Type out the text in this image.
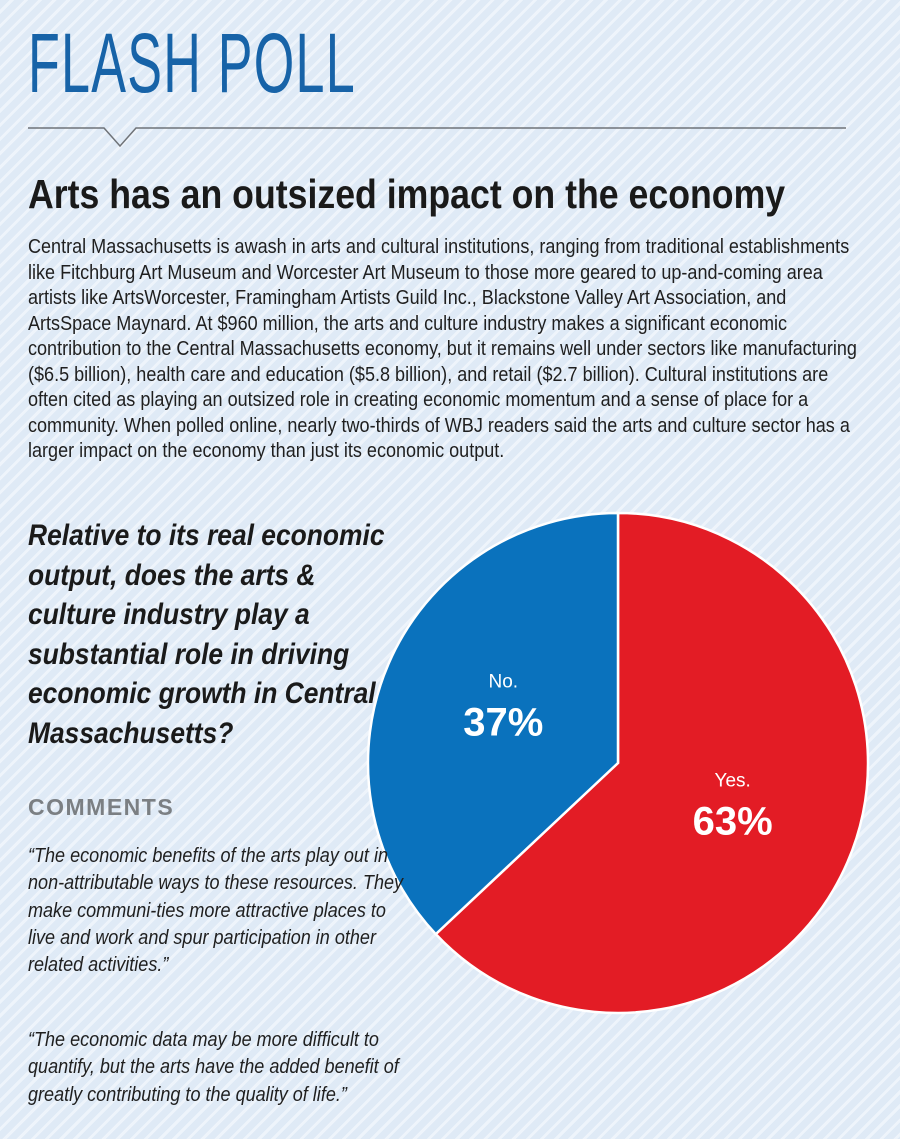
FLASH POLL
Arts has an outsized impact on the economy

Central Massachusetts is awash in arts and cultural institutions, ranging from traditional establishments like Fitchburg Art Museum and Worcester Art Museum to those more geared to up-and-coming area artists like ArtsWorcester, Framingham Artists Guild Inc., Blackstone Valley Art Association, and ArtsSpace Maynard. At $960 million, the arts and culture industry makes a significant economic contribution to the Central Massachusetts economy, but it remains well under sectors like manufacturing ($6.5 billion), health care and education ($5.8 billion), and retail ($2.7 billion). Cultural institutions are often cited as playing an outsized role in creating economic momentum and a sense of place for a community. When polled online, nearly two-thirds of WBJ readers said the arts and culture sector has a larger impact on the economy than just its economic output.

Relative to its real economic output, does the arts & culture industry play a substantial role in driving economic growth in Central Massachusetts?

No.
37%
Yes.
63%
COMMENTS

“The economic benefits of the arts play out in non-attributable ways to these resources. They make communi-ties more attractive places to live and work and spur participation in other related activities.”

“The economic data may be more difficult to quantify, but the arts have the added benefit of greatly contributing to the quality of life.”
